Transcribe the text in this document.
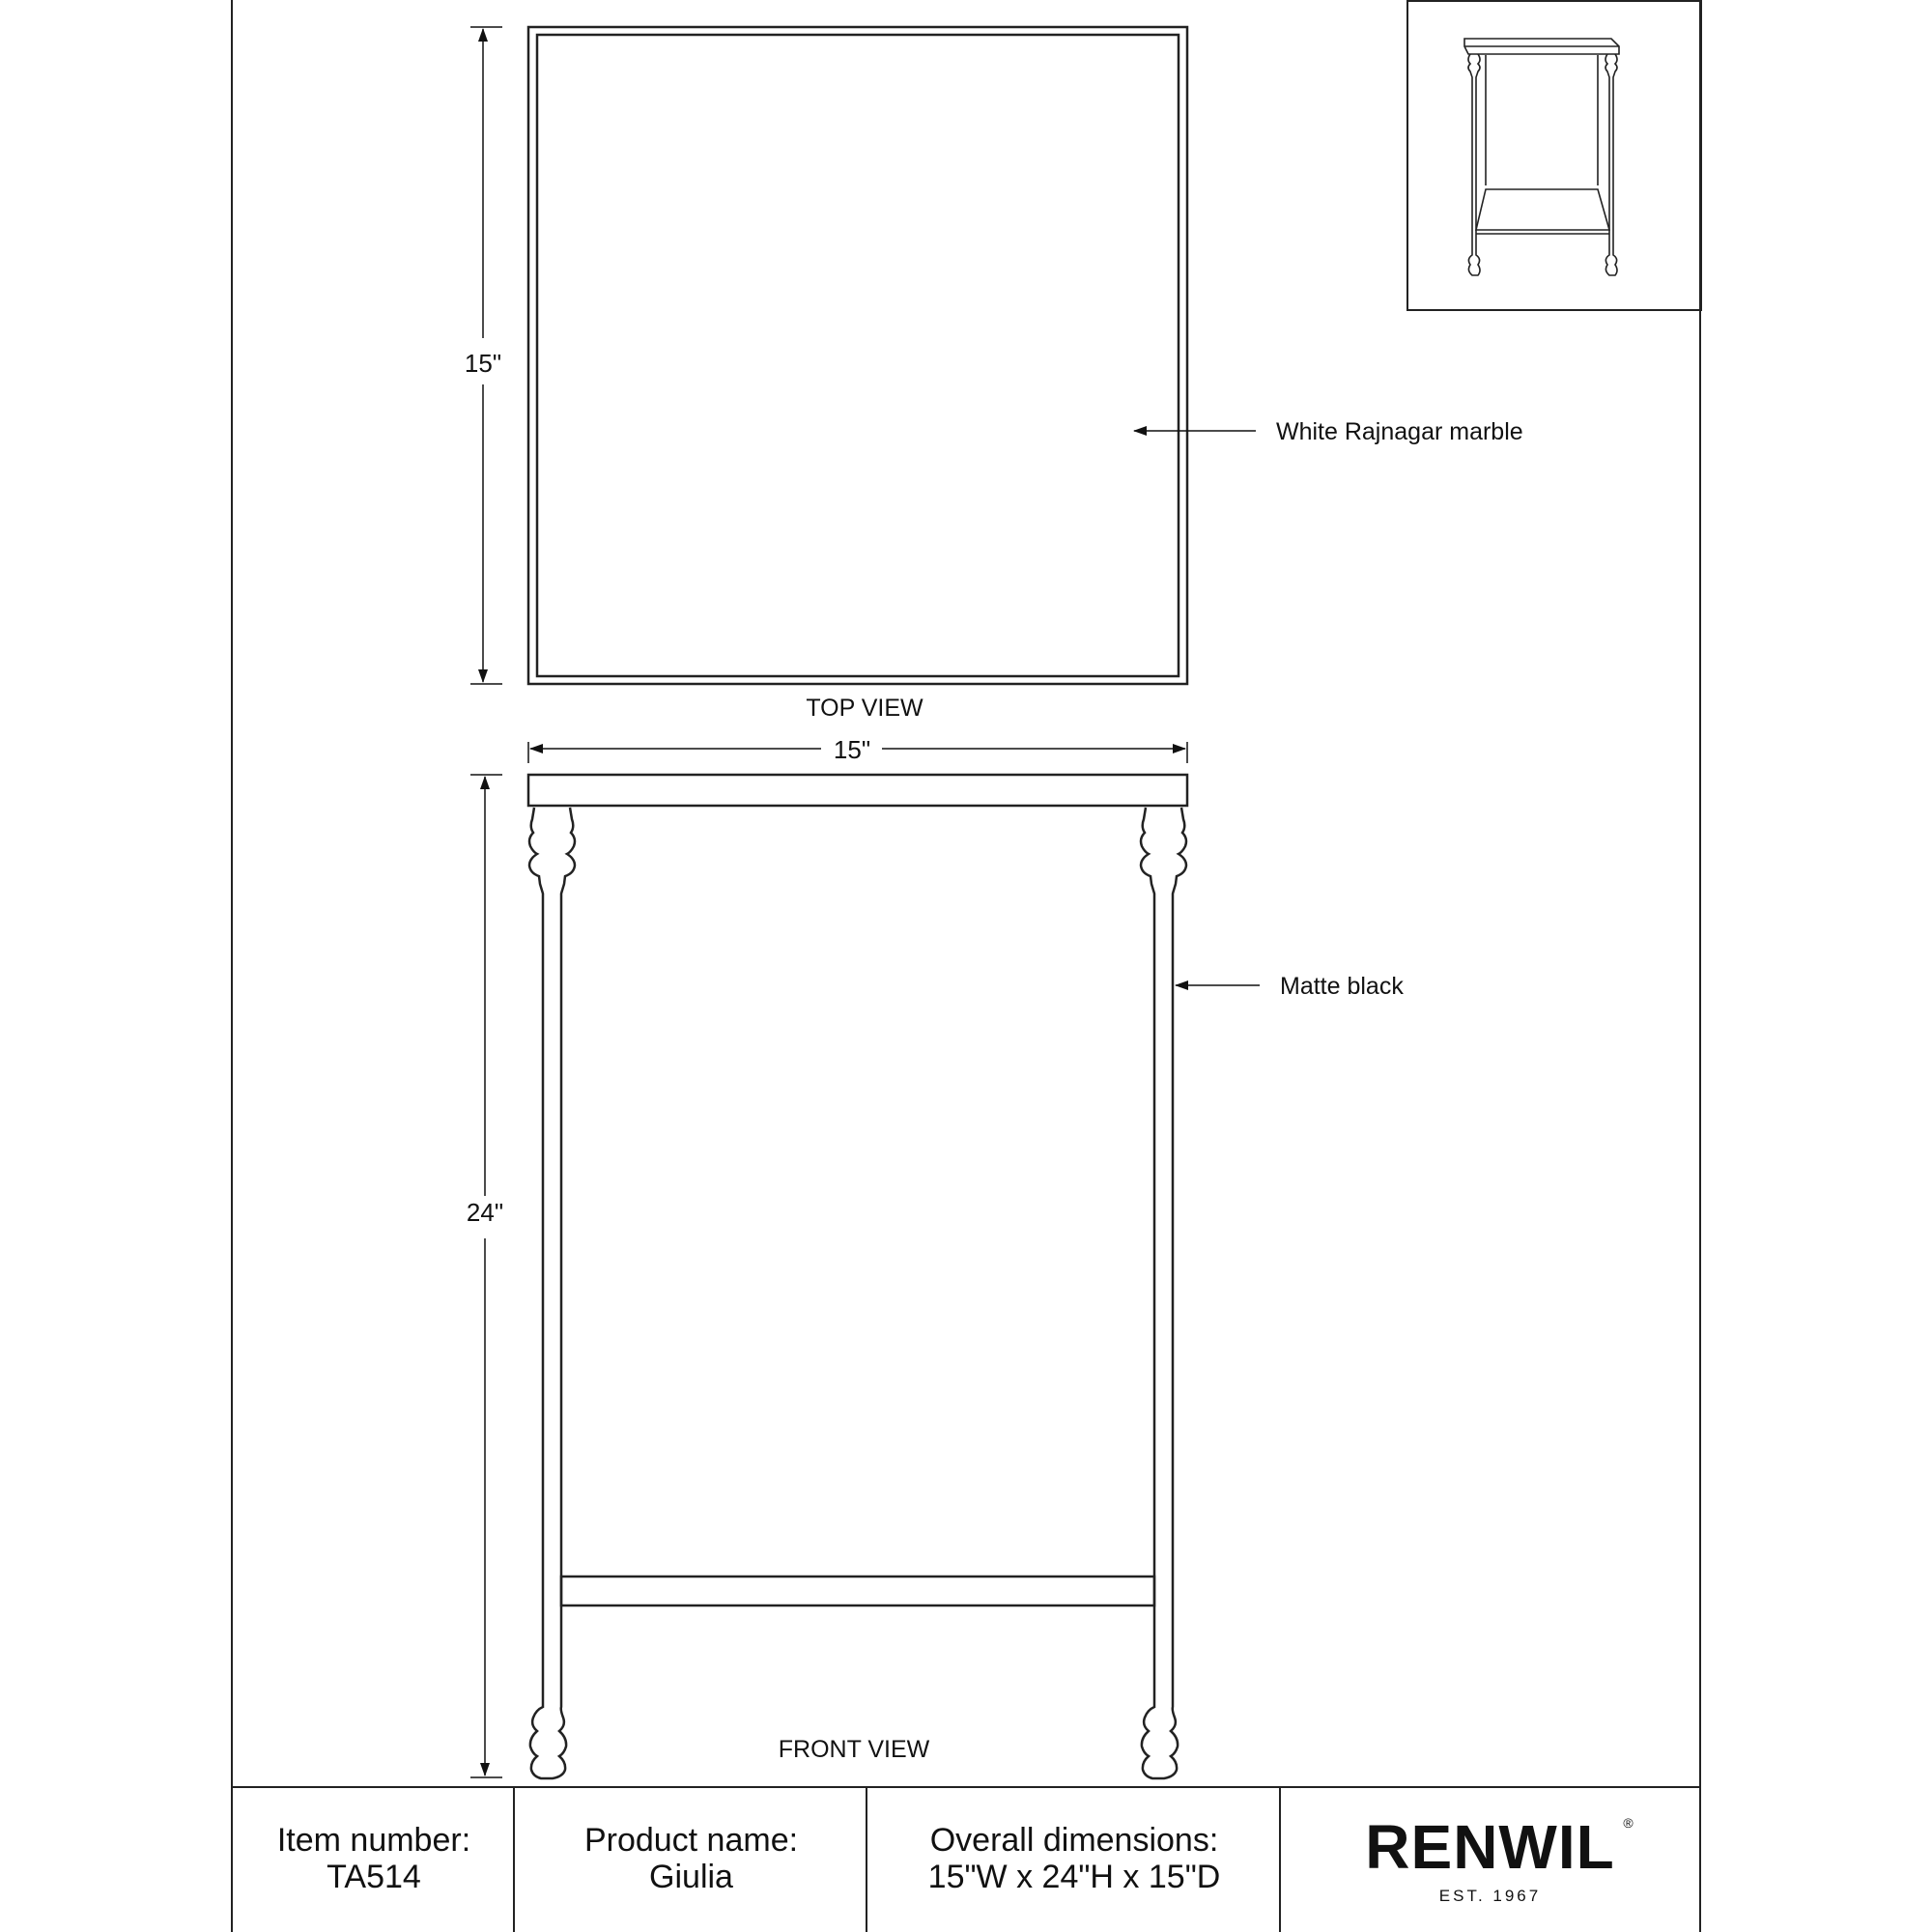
15"
White Rajnagar marble
TOP VIEW
15"
24"
Matte black
FRONT VIEW
Item number:
TA514
Product name:
Giulia
Overall dimensions:
15"W x 24"H x 15"D RENWIL ®
EST. 1967
